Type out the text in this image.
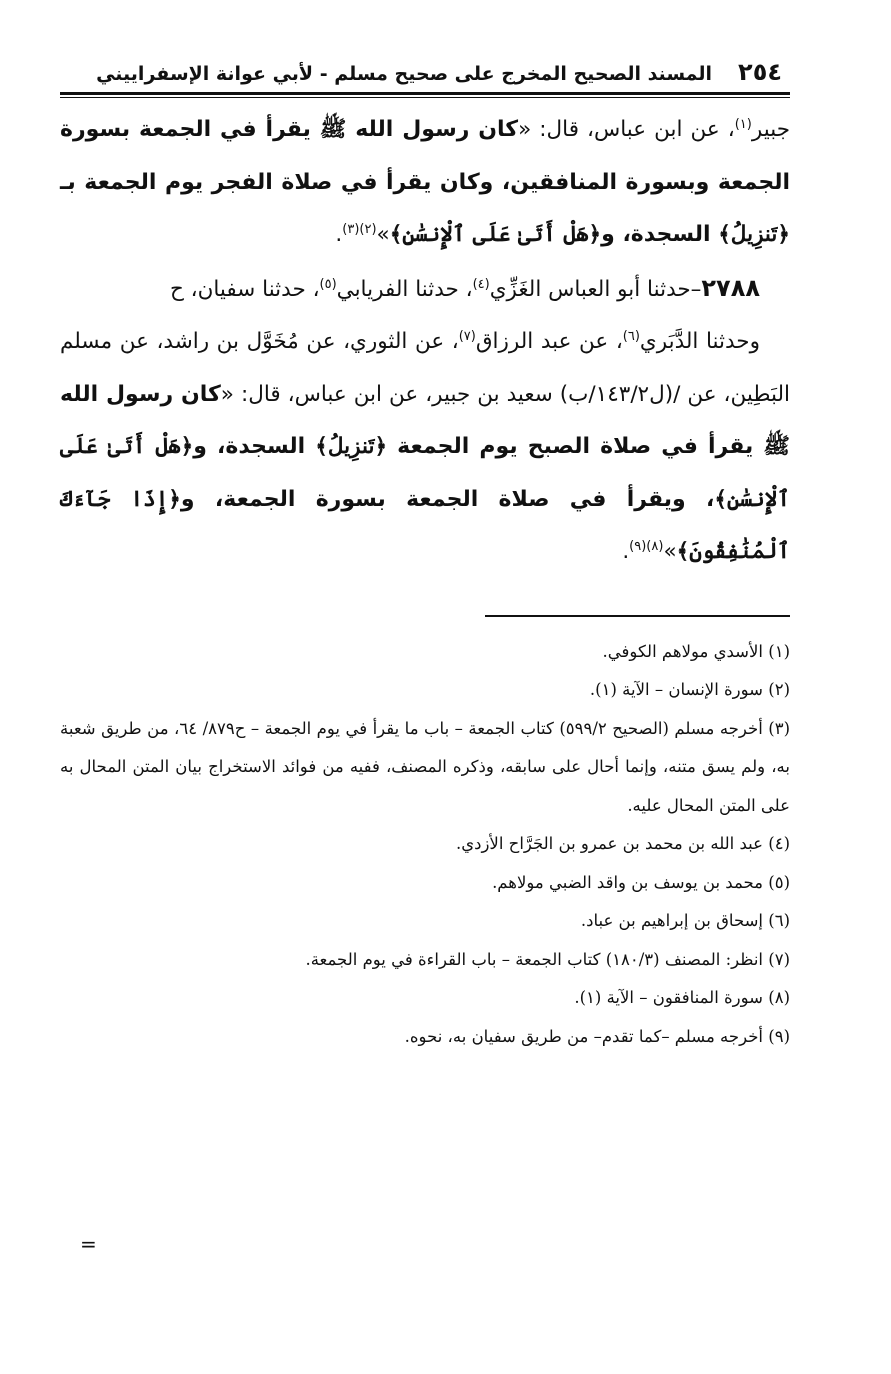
٢٥٤
المسند الصحيح المخرج على صحيح مسلم - لأبي عوانة الإسفراييني

جبير$^{(١)}$، عن ابن عباس، قال: «كان رسول الله ﷺ يقرأ في الجمعة بسورة الجمعة وبسورة المنافقين، وكان يقرأ في صلاة الفجر يوم الجمعة بـ ﴿تَنزِيلُ﴾ السجدة، و﴿هَلْ أَتَىٰ عَلَى ٱلْإِنسَٰنِ﴾»$^{(٢)(٣)}$.

٢٧٨٨–حدثنا أبو العباس الغَزِّي$^{(٤)}$، حدثنا الفريابي$^{(٥)}$، حدثنا سفيان، ح

وحدثنا الدَّبَري$^{(٦)}$، عن عبد الرزاق$^{(٧)}$، عن الثوري، عن مُخَوَّل بن راشد، عن مسلم البَطِين، عن /(ل١٤٣/٢/ب) سعيد بن جبير، عن ابن عباس، قال: «كان رسول الله ﷺ يقرأ في صلاة الصبح يوم الجمعة ﴿تَنزِيلُ﴾ السجدة، و﴿هَلْ أَتَىٰ عَلَى ٱلْإِنسَٰنِ﴾، ويقرأ في صلاة الجمعة بسورة الجمعة، و﴿إِذَا جَآءَكَ ٱلْمُنَٰفِقُونَ﴾»$^{(٨)(٩)}$.

(١) الأسدي مولاهم الكوفي.

(٢) سورة الإنسان – الآية (١).

(٣) أخرجه مسلم (الصحيح ٥٩٩/٢) كتاب الجمعة – باب ما يقرأ في يوم الجمعة – ح٨٧٩/ ٦٤، من طريق شعبة به، ولم يسق متنه، وإنما أحال على سابقه، وذكره المصنف، ففيه من فوائد الاستخراج بيان المتن المحال به على المتن المحال عليه.

(٤) عبد الله بن محمد بن عمرو بن الجَرَّاح الأزدي.

(٥) محمد بن يوسف بن واقد الضبي مولاهم.

(٦) إسحاق بن إبراهيم بن عباد.

(٧) انظر: المصنف (١٨٠/٣) كتاب الجمعة – باب القراءة في يوم الجمعة.

(٨) سورة المنافقون – الآية (١).

(٩) أخرجه مسلم –كما تقدم– من طريق سفيان به، نحوه.

=
